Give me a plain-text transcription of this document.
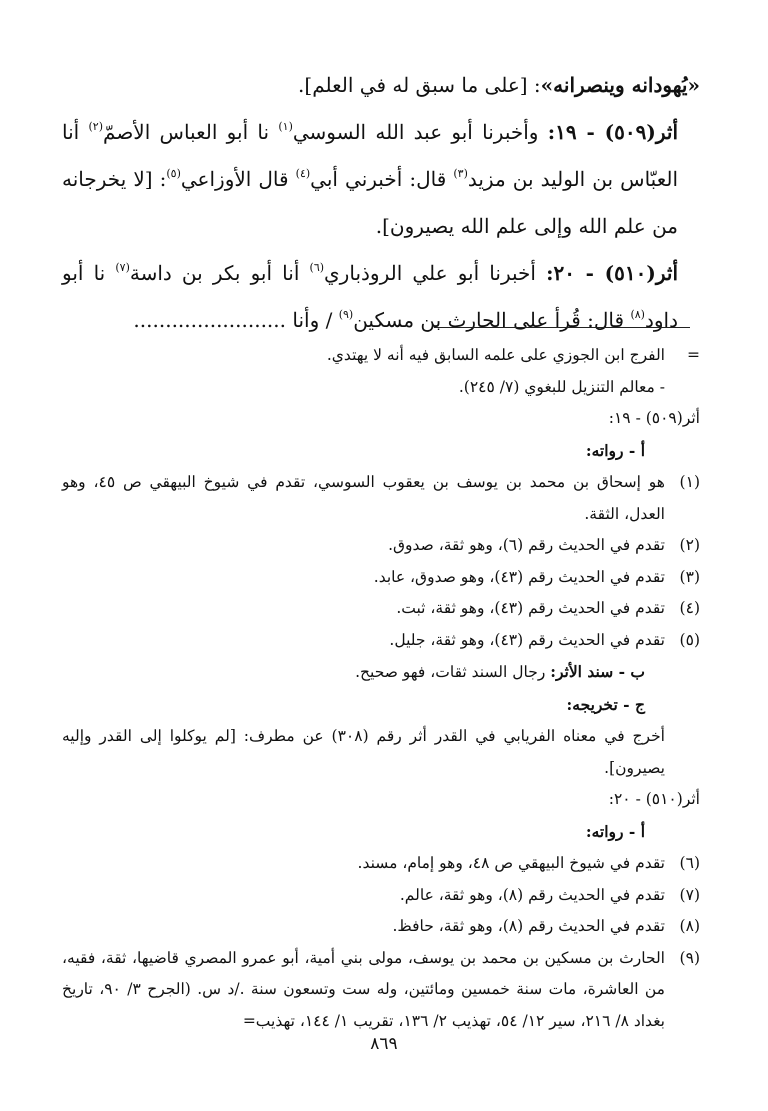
«يُهودانه وينصرانه»: [على ما سبق له في العلم].

أثر(٥٠٩) - ١٩: وأخبرنا أبو عبد الله السوسي$^{(١)}$ نا أبو العباس الأصمّ$^{(٢)}$ أنا العبّاس بن الوليد بن مزيد$^{(٣)}$ قال: أخبرني أبي$^{(٤)}$ قال الأوزاعي$^{(٥)}$: [لا يخرجانه من علم الله وإلى علم الله يصيرون].

أثر(٥١٠) - ٢٠: أخبرنا أبو علي الروذباري$^{(٦)}$ أنا أبو بكر بن داسة$^{(٧)}$ نا أبو داود$^{(٨)}$ قال: قُرأ على الحارث بن مسكين$^{(٩)}$ / وأنا ........................

=
الفرج ابن الجوزي على علمه السابق فيه أنه لا يهتدي.
- معالم التنزيل للبغوي (٧/ ٢٤٥).
أثر(٥٠٩) - ١٩:
أ - رواته:
(١)
هو إسحاق بن محمد بن يوسف بن يعقوب السوسي، تقدم في شيوخ البيهقي ص ٤٥، وهو العدل، الثقة.
(٢)
تقدم في الحديث رقم (٦)، وهو ثقة، صدوق.
(٣)
تقدم في الحديث رقم (٤٣)، وهو صدوق، عابد.
(٤)
تقدم في الحديث رقم (٤٣)، وهو ثقة، ثبت.
(٥)
تقدم في الحديث رقم (٤٣)، وهو ثقة، جليل.
ب - سند الأثر: رجال السند ثقات، فهو صحيح.
ج - تخريجه:
أخرج في معناه الفريابي في القدر أثر رقم (٣٠٨) عن مطرف: [لم يوكلوا إلى القدر وإليه يصيرون].
أثر(٥١٠) - ٢٠:
أ - رواته:
(٦)
تقدم في شيوخ البيهقي ص ٤٨، وهو إمام، مسند.
(٧)
تقدم في الحديث رقم (٨)، وهو ثقة، عالم.
(٨)
تقدم في الحديث رقم (٨)، وهو ثقة، حافظ.
(٩)
الحارث بن مسكين بن محمد بن يوسف، مولى بني أمية، أبو عمرو المصري قاضيها، ثقة، فقيه، من العاشرة، مات سنة خمسين ومائتين، وله ست وتسعون سنة ./د س. (الجرح ٣/ ٩٠، تاريخ بغداد ٨/ ٢١٦، سير ١٢/ ٥٤، تهذيب ٢/ ١٣٦، تقريب ١/ ١٤٤، تهذيب=
٨٦٩
